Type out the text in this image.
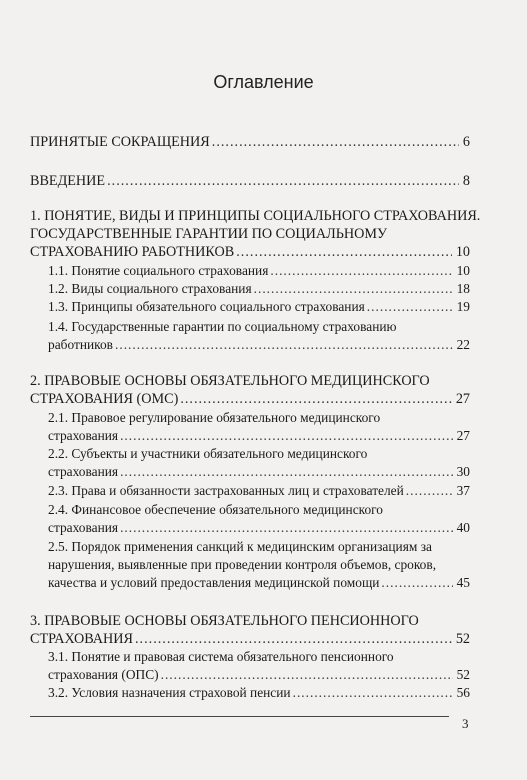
Оглавление
ПРИНЯТЫЕ СОКРАЩЕНИЯ .....	6
ВВЕДЕНИЕ .....	8
1. ПОНЯТИЕ, ВИДЫ И ПРИНЦИПЫ СОЦИАЛЬНОГО СТРАХОВАНИЯ.
ГОСУДАРСТВЕННЫЕ ГАРАНТИИ ПО СОЦИАЛЬНОМУ
СТРАХОВАНИЮ РАБОТНИКОВ .....	10
1.1. Понятие социального страхования .....	10
1.2. Виды социального страхования .....	18
1.3. Принципы обязательного социального страхования .....	19
1.4. Государственные гарантии по социальному страхованию
работников .....	22
2. ПРАВОВЫЕ ОСНОВЫ ОБЯЗАТЕЛЬНОГО МЕДИЦИНСКОГО
СТРАХОВАНИЯ (ОМС) .....	27
2.1. Правовое регулирование обязательного медицинского
страхования .....	27
2.2. Субъекты и участники обязательного медицинского
страхования .....	30
2.3. Права и обязанности застрахованных лиц и страхователей .....	37
2.4. Финансовое обеспечение обязательного медицинского
страхования .....	40
2.5. Порядок применения санкций к медицинским организациям за
нарушения, выявленные при проведении контроля объемов, сроков,
качества и условий предоставления медицинской помощи .....	45
3. ПРАВОВЫЕ ОСНОВЫ ОБЯЗАТЕЛЬНОГО ПЕНСИОННОГО
СТРАХОВАНИЯ .....	52
3.1. Понятие и правовая система обязательного пенсионного
страхования (ОПС) .....	52
3.2. Условия назначения страховой пенсии .....	56
3
